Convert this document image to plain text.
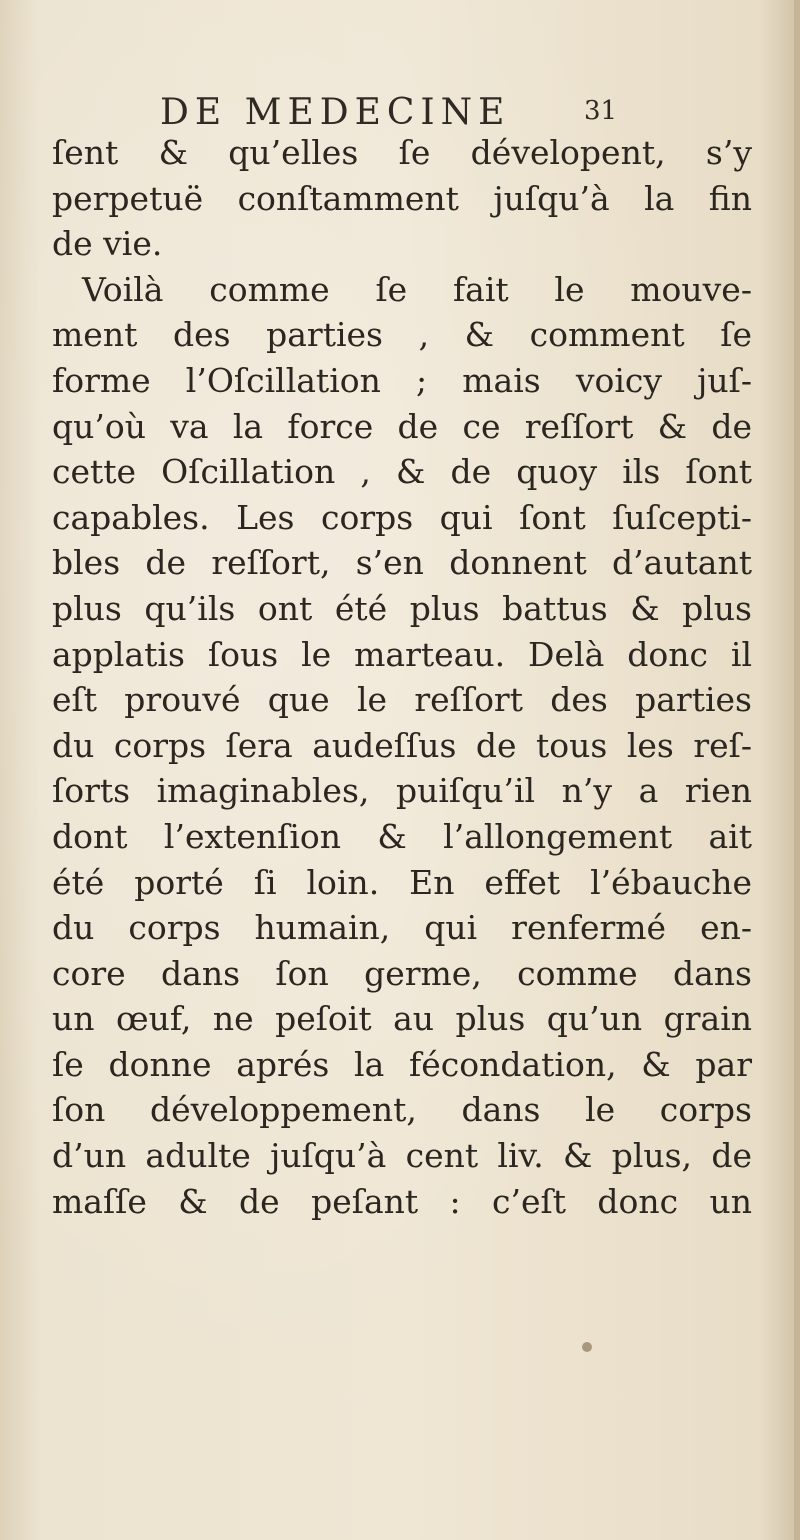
DE MEDECINE	31
ſent & qu’elles ſe dévelopent, s’y
perpetuë conſtamment juſqu’à la fin
de vie.
Voilà comme ſe fait le mouve-
ment des parties , & comment ſe
forme l’Oſcillation ; mais voicy juſ-
qu’où va la force de ce reſſort & de
cette Oſcillation , & de quoy ils ſont
capables. Les corps qui ſont ſuſcepti-
bles de reſſort, s’en donnent d’autant
plus qu’ils ont été plus battus & plus
applatis ſous le marteau. Delà donc il
eſt prouvé que le reſſort des parties
du corps ſera audeſſus de tous les reſ-
ſorts imaginables, puiſqu’il n’y a rien
dont l’extenſion & l’allongement ait
été porté ſi loin. En effet l’ébauche
du corps humain, qui renfermé en-
core dans ſon germe, comme dans
un œuf, ne peſoit au plus qu’un grain
ſe donne aprés la fécondation, & par
ſon développement, dans le corps
d’un adulte juſqu’à cent liv. & plus, de
maſſe & de peſant : c’eſt donc un
